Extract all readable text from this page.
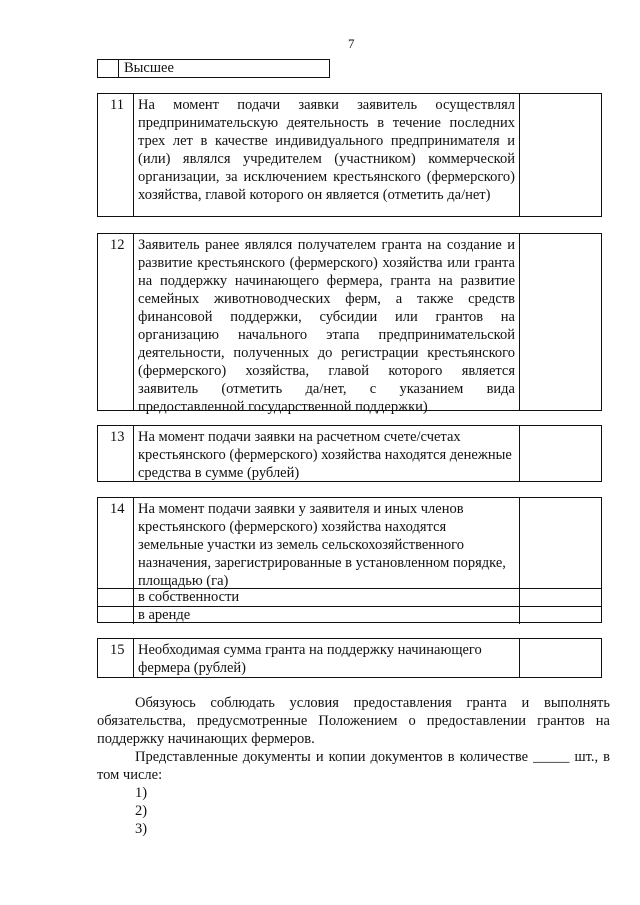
7
Высшее
11 На момент подачи заявки заявитель осуществлял предпринимательскую деятельность в течение последних трех лет в качестве индивидуального предпринимателя и (или) являлся учредителем (участником) коммерческой организации, за исключением крестьянского (фермерского) хозяйства, главой которого он является (отметить да/нет)
12 Заявитель ранее являлся получателем гранта на создание и развитие крестьянского (фермерского) хозяйства или гранта на поддержку начинающего фермера, гранта на развитие семейных животноводческих ферм, а также средств финансовой поддержки, субсидии или грантов на организацию начального этапа предпринимательской деятельности, полученных до регистрации крестьянского (фермерского) хозяйства, главой которого является заявитель (отметить да/нет, с указанием вида предоставленной государственной поддержки)
13 На момент подачи заявки на расчетном счете/счетах крестьянского (фермерского) хозяйства находятся денежные средства в сумме (рублей)
14 На момент подачи заявки у заявителя и иных членов крестьянского (фермерского) хозяйства находятся земельные участки из земель сельскохозяйственного назначения, зарегистрированные в установленном порядке, площадью (га)
в собственности
в аренде
15 Необходимая сумма гранта на поддержку начинающего фермера (рублей)
Обязуюсь соблюдать условия предоставления гранта и выполнять обязательства, предусмотренные Положением о предоставлении грантов на поддержку начинающих фермеров.
Представленные документы и копии документов в количестве _____ шт., в том числе:
1)
2)
3)
